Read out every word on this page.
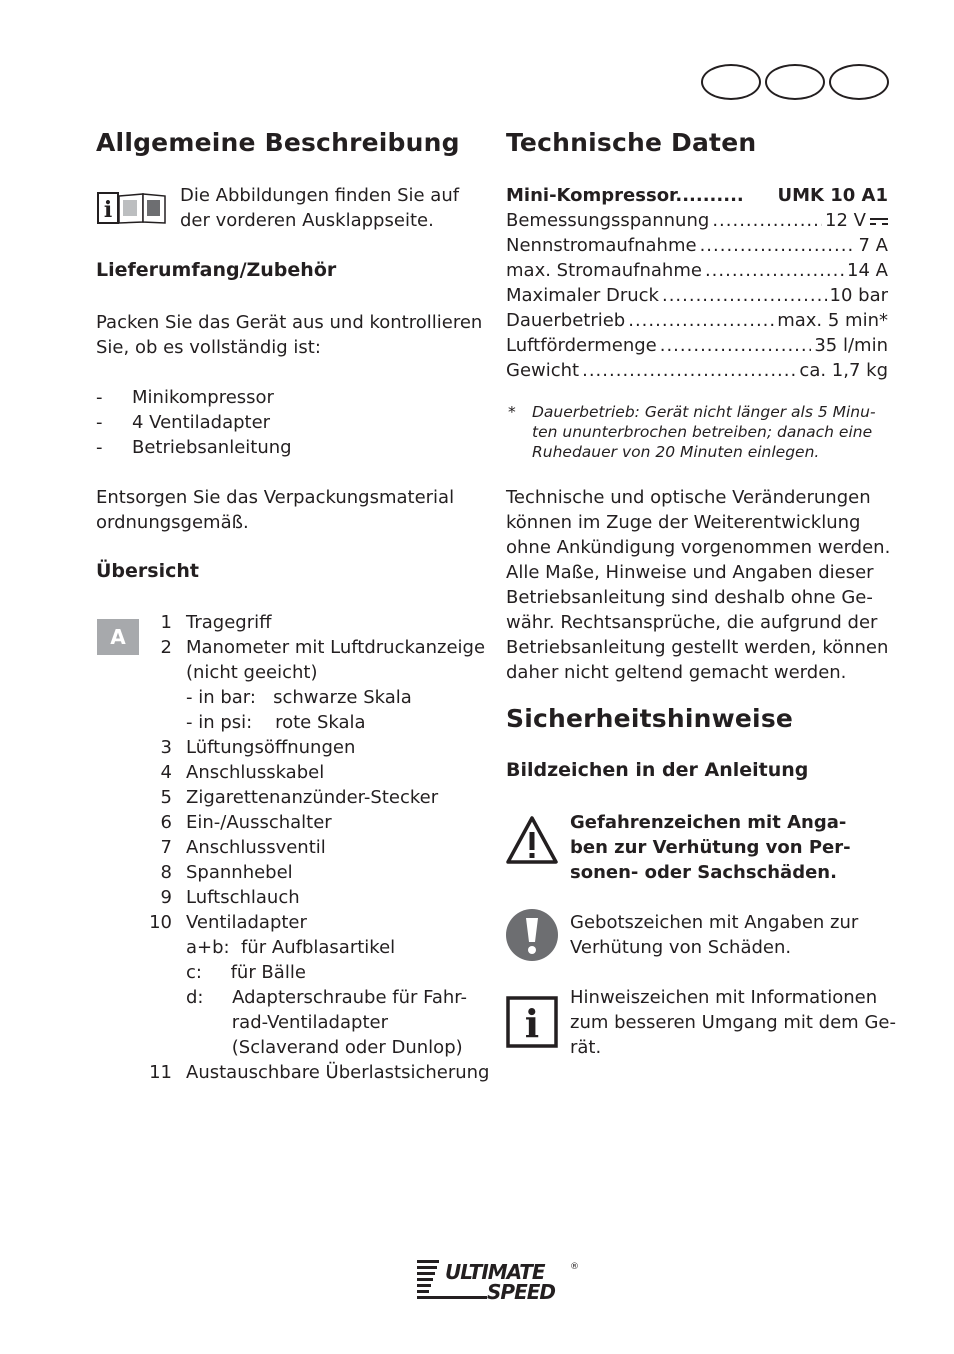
Allgemeine Beschreibung
i
Die Abbildungen finden Sie auf
der vorderen Ausklappseite.
Lieferumfang/Zubehör
Packen Sie das Gerät aus und kontrollieren
Sie, ob es vollständig ist:
- Minikompressor
- 4 Ventiladapter
- Betriebsanleitung
Entsorgen Sie das Verpackungsmaterial
ordnungsgemäß.
Übersicht
A
1 Tragegriff
2 Manometer mit Luftdruckanzeige
(nicht geeicht)
- in bar:   schwarze Skala
- in psi:    rote Skala
3 Lüftungsöffnungen
4 Anschlusskabel
5 Zigarettenanzünder-Stecker
6 Ein-/Ausschalter
7 Anschlussventil
8 Spannhebel
9 Luftschlauch
10 Ventiladapter
a+b:  für Aufblasartikel
c:     für Bälle
d:     Adapterschraube für Fahr-
rad-Ventiladapter
(Sclaverand oder Dunlop)
11 Austauschbare Überlastsicherung
Technische Daten
Mini-Kompressor.......... UMK 10 A1
Bemessungsspannung .....	12 V
Nennstromaufnahme .....	7 A
max. Stromaufnahme .....	14 A
Maximaler Druck .....	10 bar
Dauerbetrieb .....	max. 5 min*
Luftfördermenge .....	35 l/min
Gewicht .....	ca. 1,7 kg
* Dauerbetrieb: Gerät nicht länger als 5 Minu-
ten ununterbrochen betreiben; danach eine
Ruhedauer von 20 Minuten einlegen.
Technische und optische Veränderungen
können im Zuge der Weiterentwicklung
ohne Ankündigung vorgenommen werden.
Alle Maße, Hinweise und Angaben dieser
Betriebsanleitung sind deshalb ohne Ge-
währ. Rechtsansprüche, die aufgrund der
Betriebsanleitung gestellt werden, können
daher nicht geltend gemacht werden.
Sicherheitshinweise
Bildzeichen in der Anleitung
Gefahrenzeichen mit Anga-
ben zur Verhütung von Per-
sonen- oder Sachschäden.
Gebotszeichen mit Angaben zur
Verhütung von Schäden.
i
Hinweiszeichen mit Informationen
zum besseren Umgang mit dem Ge-
rät.
ULTIMATE
SPEED
®
